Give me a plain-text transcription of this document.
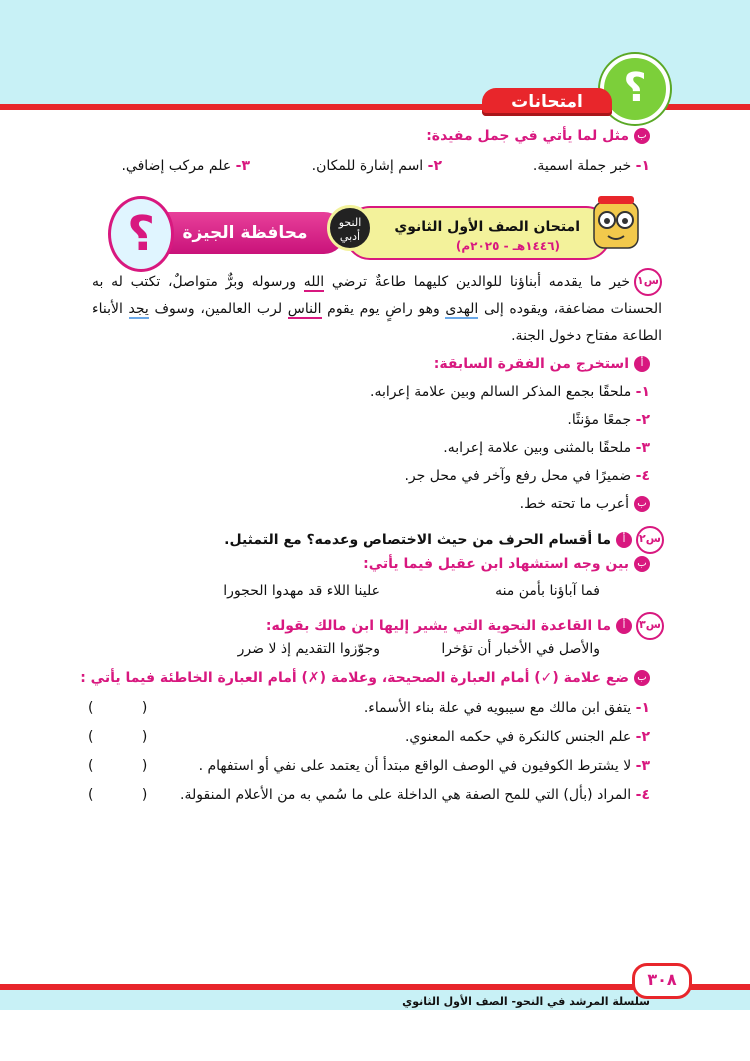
؟
امتحانات
بمثل لما يأتي في جمل مفيدة:
١- خبر جملة اسمية.
٢- اسم إشارة للمكان.
٣- علم مركب إضافي.
امتحان الصف الأول الثانوي
(١٤٤٦هـ - ٢٠٢٥م)
محافظة الجيزة
؟	النحو
أدبي
س١خير ما يقدمه أبناؤنا للوالدين كليهما طاعةٌ ترضي الله ورسوله وبرٌّ متواصلٌ، تكتب له به الحسنات مضاعفة، ويقوده إلى الهدى وهو راضٍ يوم يقوم الناس لرب العالمين، وسوف يجد الأبناء الطاعة مفتاح دخول الجنة.
أاستخرج من الفقرة السابقة:
١- ملحقًا بجمع المذكر السالم وبين علامة إعرابه.
٢- جمعًا مؤنثًا.
٣- ملحقًا بالمثنى وبين علامة إعرابه.
٤- ضميرًا في محل رفع وآخر في محل جر.
بأعرب ما تحته خط.
س٢أما أقسام الحرف من حيث الاختصاص وعدمه؟ مع التمثيل.
ببين وجه استشهاد ابن عقيل فيما يأتي:
فما آباؤنا بأمن منه
علينا اللاء قد مهدوا الحجورا
س٣أما القاعدة النحوية التي يشير إليها ابن مالك بقوله:
والأصل في الأخبار أن تؤخرا
وجوّزوا التقديم إذ لا ضرر
بضع علامة (✓) أمام العبارة الصحيحة، وعلامة (✗) أمام العبارة الخاطئة فيما يأتي :
١- يتفق ابن مالك مع سيبويه في علة بناء الأسماء.
( )
٢- علم الجنس كالنكرة في حكمه المعنوي.
( )
٣- لا يشترط الكوفيون في الوصف الواقع مبتدأ أن يعتمد على نفي أو استفهام .
( )
٤- المراد (بأل) التي للمح الصفة هي الداخلة على ما سُمي به من الأعلام المنقولة.
( )
٣٠٨
سلسلة المرشد في النحو- الصف الأول الثانوي
